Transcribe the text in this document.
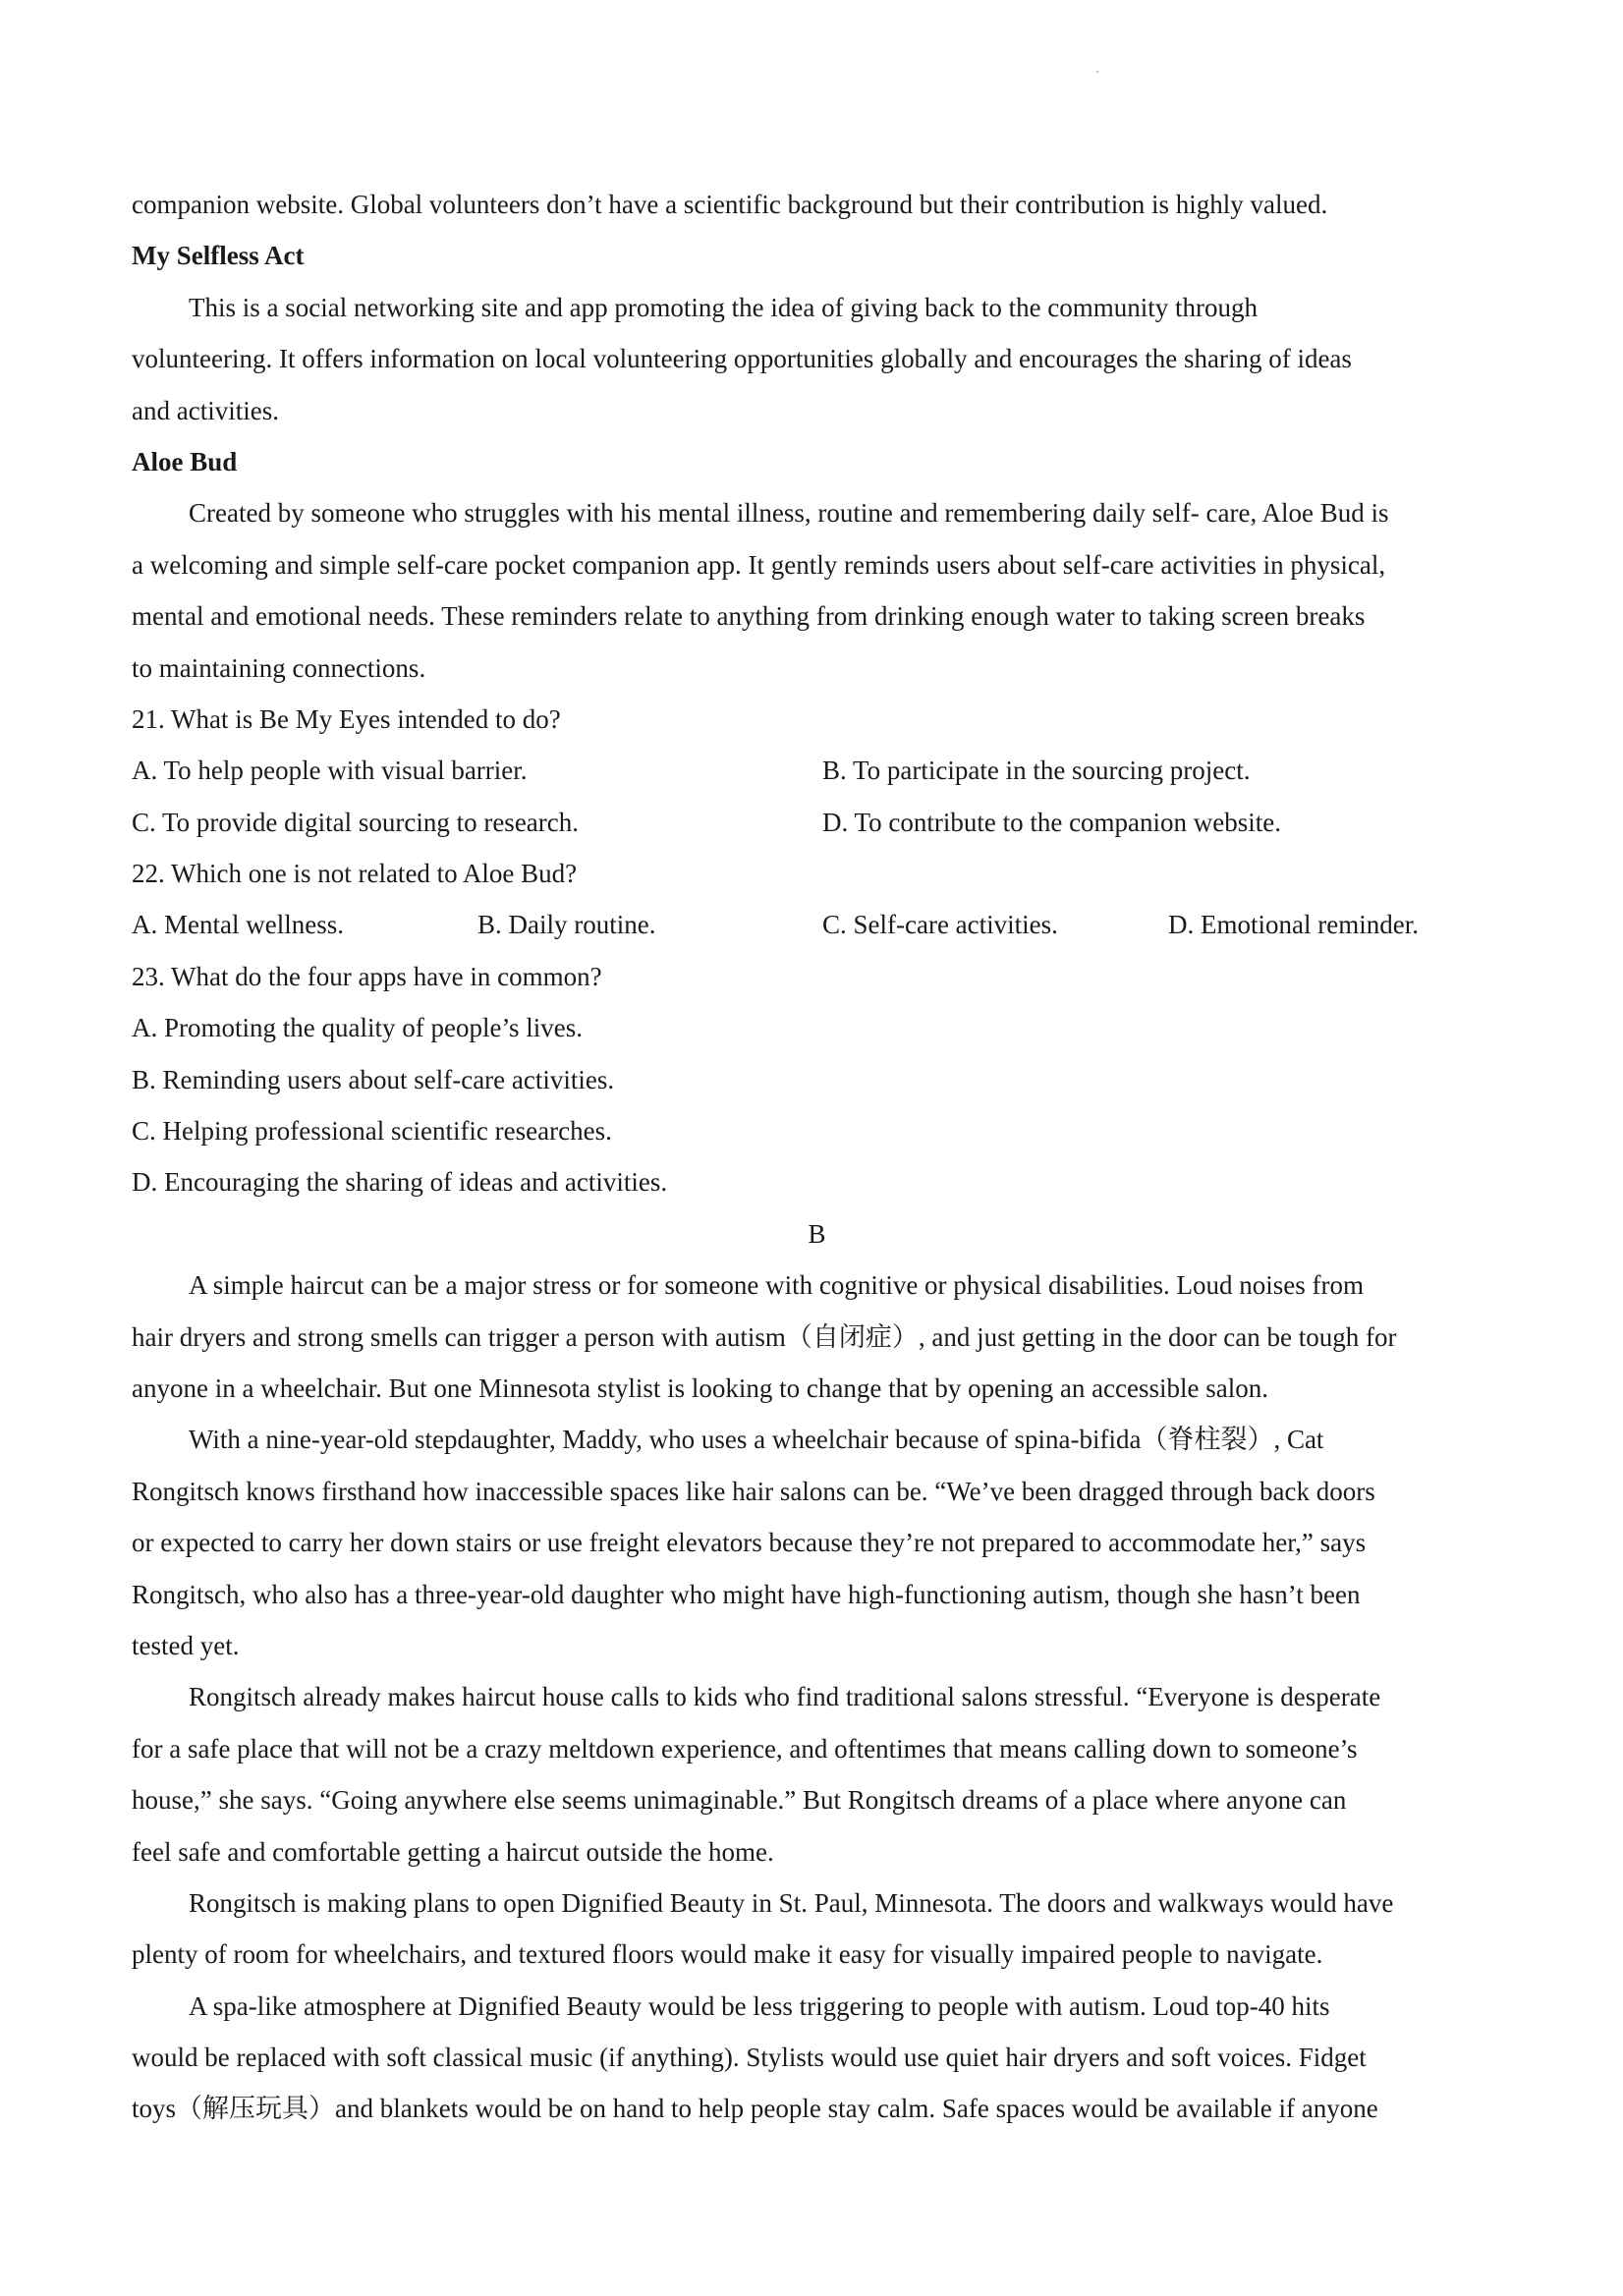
companion website. Global volunteers don’t have a scientific background but their contribution is highly valued.
My Selfless Act
This is a social networking site and app promoting the idea of giving back to the community through
volunteering. It offers information on local volunteering opportunities globally and encourages the sharing of ideas
and activities.
Aloe Bud
Created by someone who struggles with his mental illness, routine and remembering daily self- care, Aloe Bud is
a welcoming and simple self-care pocket companion app. It gently reminds users about self-care activities in physical,
mental and emotional needs. These reminders relate to anything from drinking enough water to taking screen breaks
to maintaining connections.
21. What is Be My Eyes intended to do?
A. To help people with visual barrier.	B. To participate in the sourcing project.
C. To provide digital sourcing to research.	D. To contribute to the companion website.
22. Which one is not related to Aloe Bud?
A. Mental wellness.	B. Daily routine.	C. Self-care activities.	D. Emotional reminder.
23. What do the four apps have in common?
A. Promoting the quality of people’s lives.
B. Reminding users about self-care activities.
C. Helping professional scientific researches.
D. Encouraging the sharing of ideas and activities.
B
A simple haircut can be a major stress or for someone with cognitive or physical disabilities. Loud noises from
hair dryers and strong smells can trigger a person with autism（自闭症）, and just getting in the door can be tough for
anyone in a wheelchair. But one Minnesota stylist is looking to change that by opening an accessible salon.
With a nine-year-old stepdaughter, Maddy, who uses a wheelchair because of spina-bifida（脊柱裂）, Cat
Rongitsch knows firsthand how inaccessible spaces like hair salons can be. “We’ve been dragged through back doors
or expected to carry her down stairs or use freight elevators because they’re not prepared to accommodate her,” says
Rongitsch, who also has a three-year-old daughter who might have high-functioning autism, though she hasn’t been
tested yet.
Rongitsch already makes haircut house calls to kids who find traditional salons stressful. “Everyone is desperate
for a safe place that will not be a crazy meltdown experience, and oftentimes that means calling down to someone’s
house,” she says. “Going anywhere else seems unimaginable.” But Rongitsch dreams of a place where anyone can
feel safe and comfortable getting a haircut outside the home.
Rongitsch is making plans to open Dignified Beauty in St. Paul, Minnesota. The doors and walkways would have
plenty of room for wheelchairs, and textured floors would make it easy for visually impaired people to navigate.
A spa-like atmosphere at Dignified Beauty would be less triggering to people with autism. Loud top-40 hits
would be replaced with soft classical music (if anything). Stylists would use quiet hair dryers and soft voices. Fidget
toys（解压玩具）and blankets would be on hand to help people stay calm. Safe spaces would be available if anyone
